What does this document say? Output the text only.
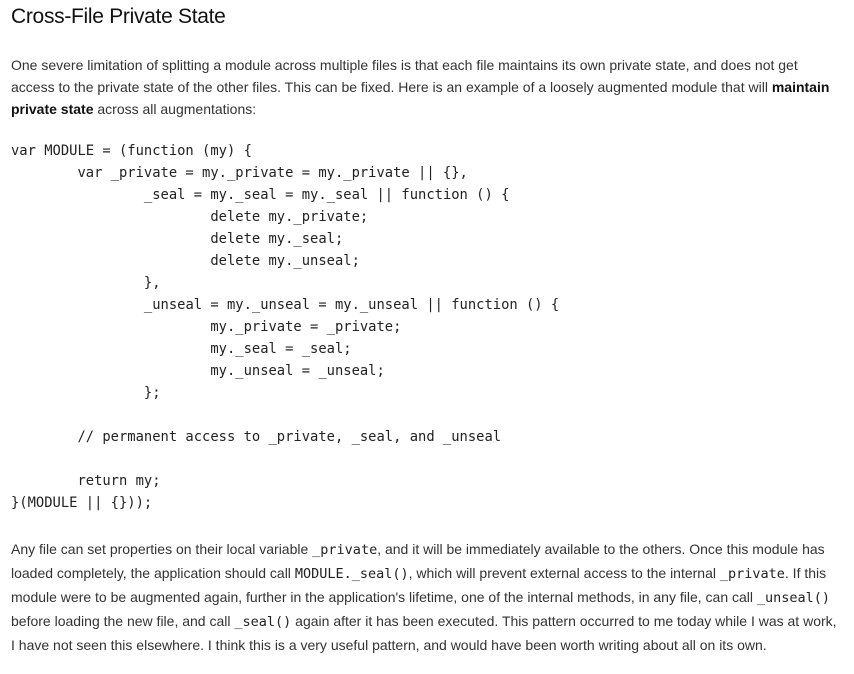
Cross-File Private State

One severe limitation of splitting a module across multiple files is that each file maintains its own private state, and does not get access to the private state of the other files. This can be fixed. Here is an example of a loosely augmented module that will maintain private state across all augmentations:

var MODULE = (function (my) {
	var _private = my._private = my._private || {},
		_seal = my._seal = my._seal || function () {
			delete my._private;
			delete my._seal;
			delete my._unseal;
		},
		_unseal = my._unseal = my._unseal || function () {
			my._private = _private;
			my._seal = _seal;
			my._unseal = _unseal;
		};
	// permanent access to _private, _seal, and _unseal
	return my;
}(MODULE || {}));

Any file can set properties on their local variable _private, and it will be immediately available to the others. Once this module has loaded completely, the application should call MODULE._seal(), which will prevent external access to the internal _private. If this module were to be augmented again, further in the application's lifetime, one of the internal methods, in any file, can call _unseal() before loading the new file, and call _seal() again after it has been executed. This pattern occurred to me today while I was at work, I have not seen this elsewhere. I think this is a very useful pattern, and would have been worth writing about all on its own.
